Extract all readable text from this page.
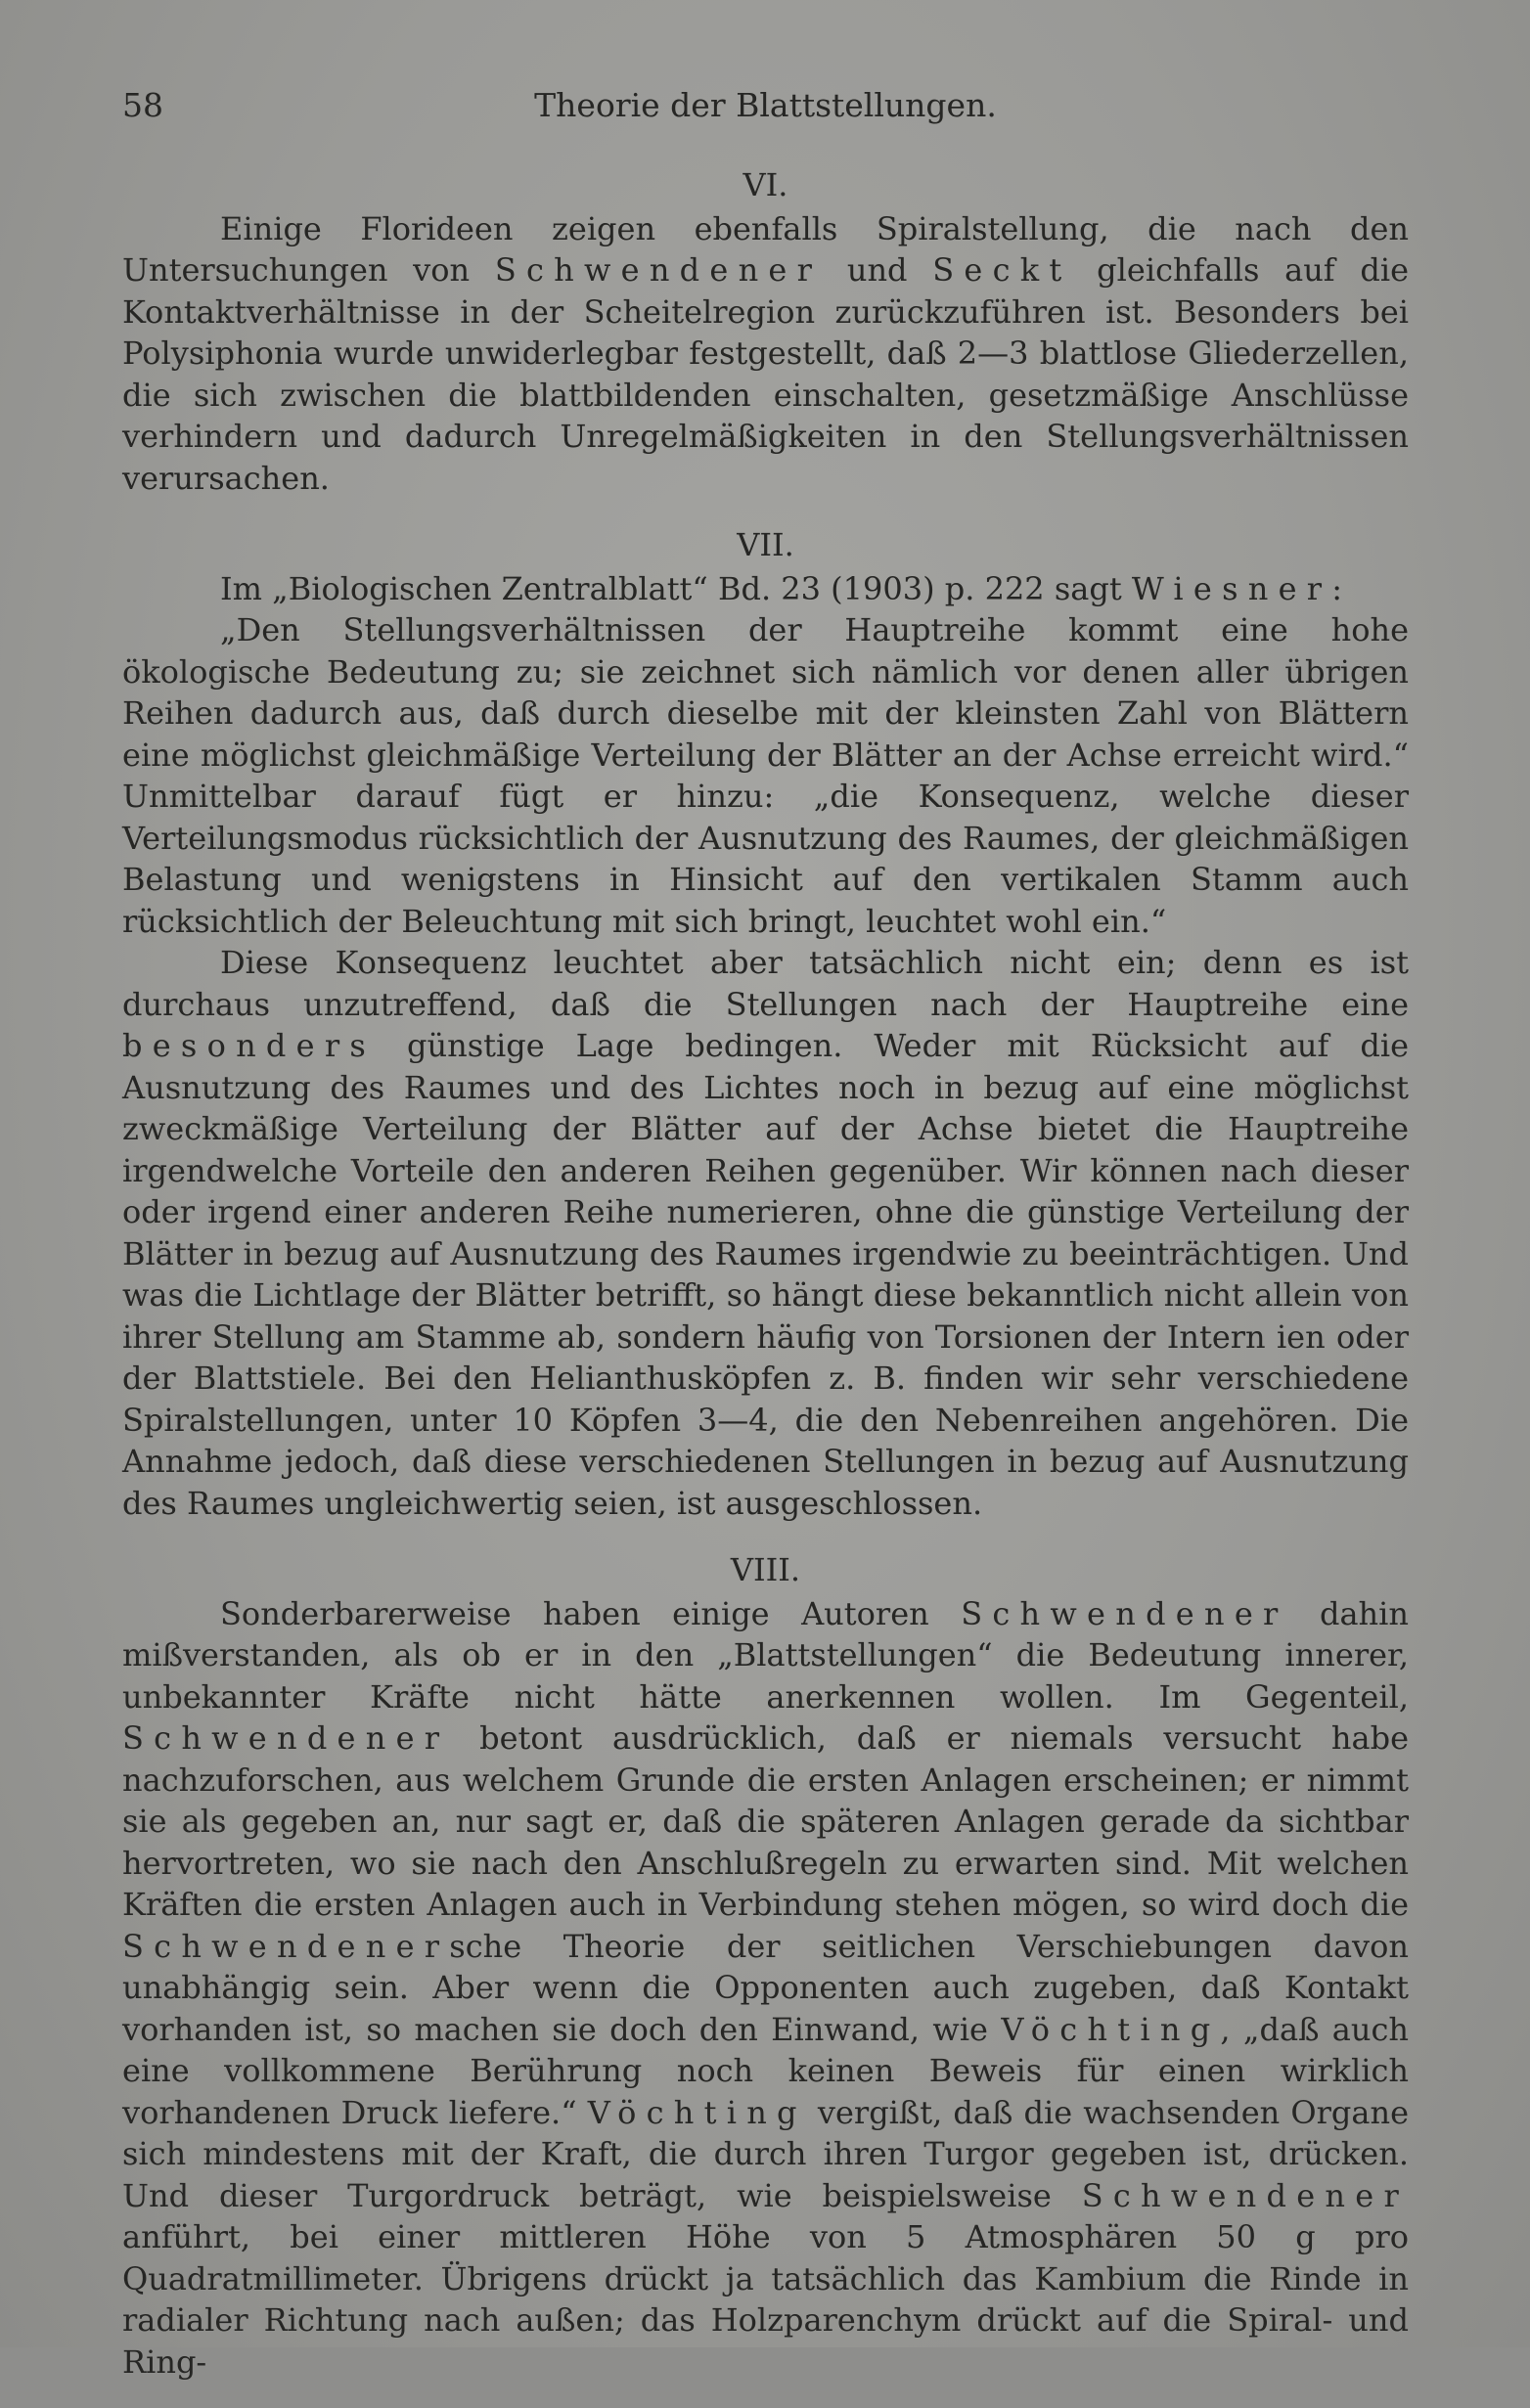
58	Theorie der Blattstellungen.
VI.

Einige Florideen zeigen ebenfalls Spiralstellung, die nach den Untersuchungen von Schwendener und Seckt gleichfalls auf die Kontaktverhältnisse in der Scheitelregion zurückzuführen ist. Besonders bei Polysiphonia wurde unwiderlegbar festgestellt, daß 2—3 blattlose Gliederzellen, die sich zwischen die blattbildenden einschalten, gesetzmäßige Anschlüsse verhindern und dadurch Unregelmäßigkeiten in den Stellungsverhältnissen verursachen.

VII.

Im „Biologischen Zentralblatt“ Bd. 23 (1903) p. 222 sagt Wiesner:

„Den Stellungsverhältnissen der Hauptreihe kommt eine hohe ökologische Bedeutung zu; sie zeichnet sich nämlich vor denen aller übrigen Reihen dadurch aus, daß durch dieselbe mit der kleinsten Zahl von Blättern eine möglichst gleichmäßige Verteilung der Blätter an der Achse erreicht wird.“ Unmittelbar darauf fügt er hinzu: „die Konsequenz, welche dieser Verteilungsmodus rücksichtlich der Ausnutzung des Raumes, der gleichmäßigen Belastung und wenigstens in Hinsicht auf den vertikalen Stamm auch rücksichtlich der Beleuchtung mit sich bringt, leuchtet wohl ein.“

Diese Konsequenz leuchtet aber tatsächlich nicht ein; denn es ist durchaus unzutreffend, daß die Stellungen nach der Hauptreihe eine besonders günstige Lage bedingen. Weder mit Rücksicht auf die Ausnutzung des Raumes und des Lichtes noch in bezug auf eine möglichst zweckmäßige Verteilung der Blätter auf der Achse bietet die Hauptreihe irgendwelche Vorteile den anderen Reihen gegenüber. Wir können nach dieser oder irgend einer anderen Reihe numerieren, ohne die günstige Verteilung der Blätter in bezug auf Ausnutzung des Raumes irgendwie zu beeinträchtigen. Und was die Lichtlage der Blätter betrifft, so hängt diese bekanntlich nicht allein von ihrer Stellung am Stamme ab, sondern häufig von Torsionen der Intern ien oder der Blattstiele. Bei den Helianthusköpfen z. B. finden wir sehr verschiedene Spiralstellungen, unter 10 Köpfen 3—4, die den Nebenreihen angehören. Die Annahme jedoch, daß diese verschiedenen Stellungen in bezug auf Ausnutzung des Raumes ungleichwertig seien, ist ausgeschlossen.

VIII.

Sonderbarerweise haben einige Autoren Schwendener dahin mißverstanden, als ob er in den „Blattstellungen“ die Bedeutung innerer, unbekannter Kräfte nicht hätte anerkennen wollen. Im Gegenteil, Schwendener betont ausdrücklich, daß er niemals versucht habe nachzuforschen, aus welchem Grunde die ersten Anlagen erscheinen; er nimmt sie als gegeben an, nur sagt er, daß die späteren Anlagen gerade da sichtbar hervortreten, wo sie nach den Anschlußregeln zu erwarten sind. Mit welchen Kräften die ersten Anlagen auch in Verbindung stehen mögen, so wird doch die Schwendenersche Theorie der seitlichen Verschiebungen davon unabhängig sein. Aber wenn die Opponenten auch zugeben, daß Kontakt vorhanden ist, so machen sie doch den Einwand, wie Vöchting, „daß auch eine vollkommene Berührung noch keinen Beweis für einen wirklich vorhandenen Druck liefere.“ Vöchting vergißt, daß die wachsenden Organe sich mindestens mit der Kraft, die durch ihren Turgor gegeben ist, drücken. Und dieser Turgordruck beträgt, wie beispielsweise Schwendener anführt, bei einer mittleren Höhe von 5 Atmosphären 50 g pro Quadratmillimeter. Übrigens drückt ja tatsächlich das Kambium die Rinde in radialer Richtung nach außen; das Holzparenchym drückt auf die Spiral- und Ring-
